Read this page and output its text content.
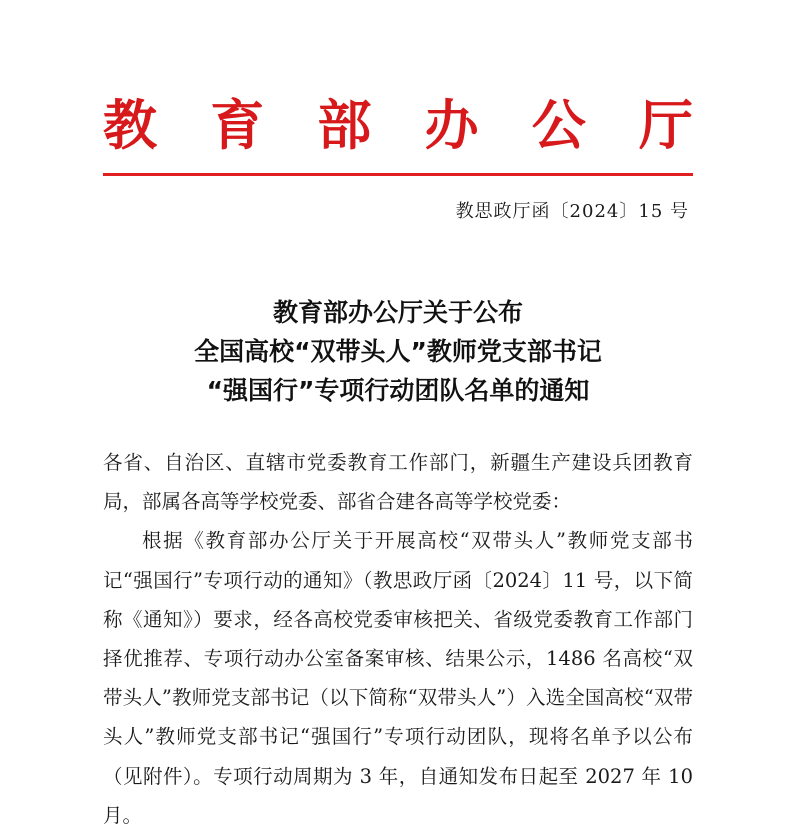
教 育 部 办 公 厅
教思政厅函〔2024〕15 号
教育部办公厅关于公布
全国高校“双带头人”教师党支部书记
“强国行”专项行动团队名单的通知

各省、自治区、直辖市党委教育工作部门，新疆生产建设兵团教育局，部属各高等学校党委、部省合建各高等学校党委：

根据《教育部办公厅关于开展高校“双带头人”教师党支部书记“强国行”专项行动的通知》（教思政厅函〔2024〕11 号，以下简称《通知》）要求，经各高校党委审核把关、省级党委教育工作部门择优推荐、专项行动办公室备案审核、结果公示，1486 名高校“双带头人”教师党支部书记（以下简称“双带头人”）入选全国高校“双带头人”教师党支部书记“强国行”专项行动团队，现将名单予以公布（见附件）。专项行动周期为 3 年，自通知发布日起至 2027 年 10 月。
